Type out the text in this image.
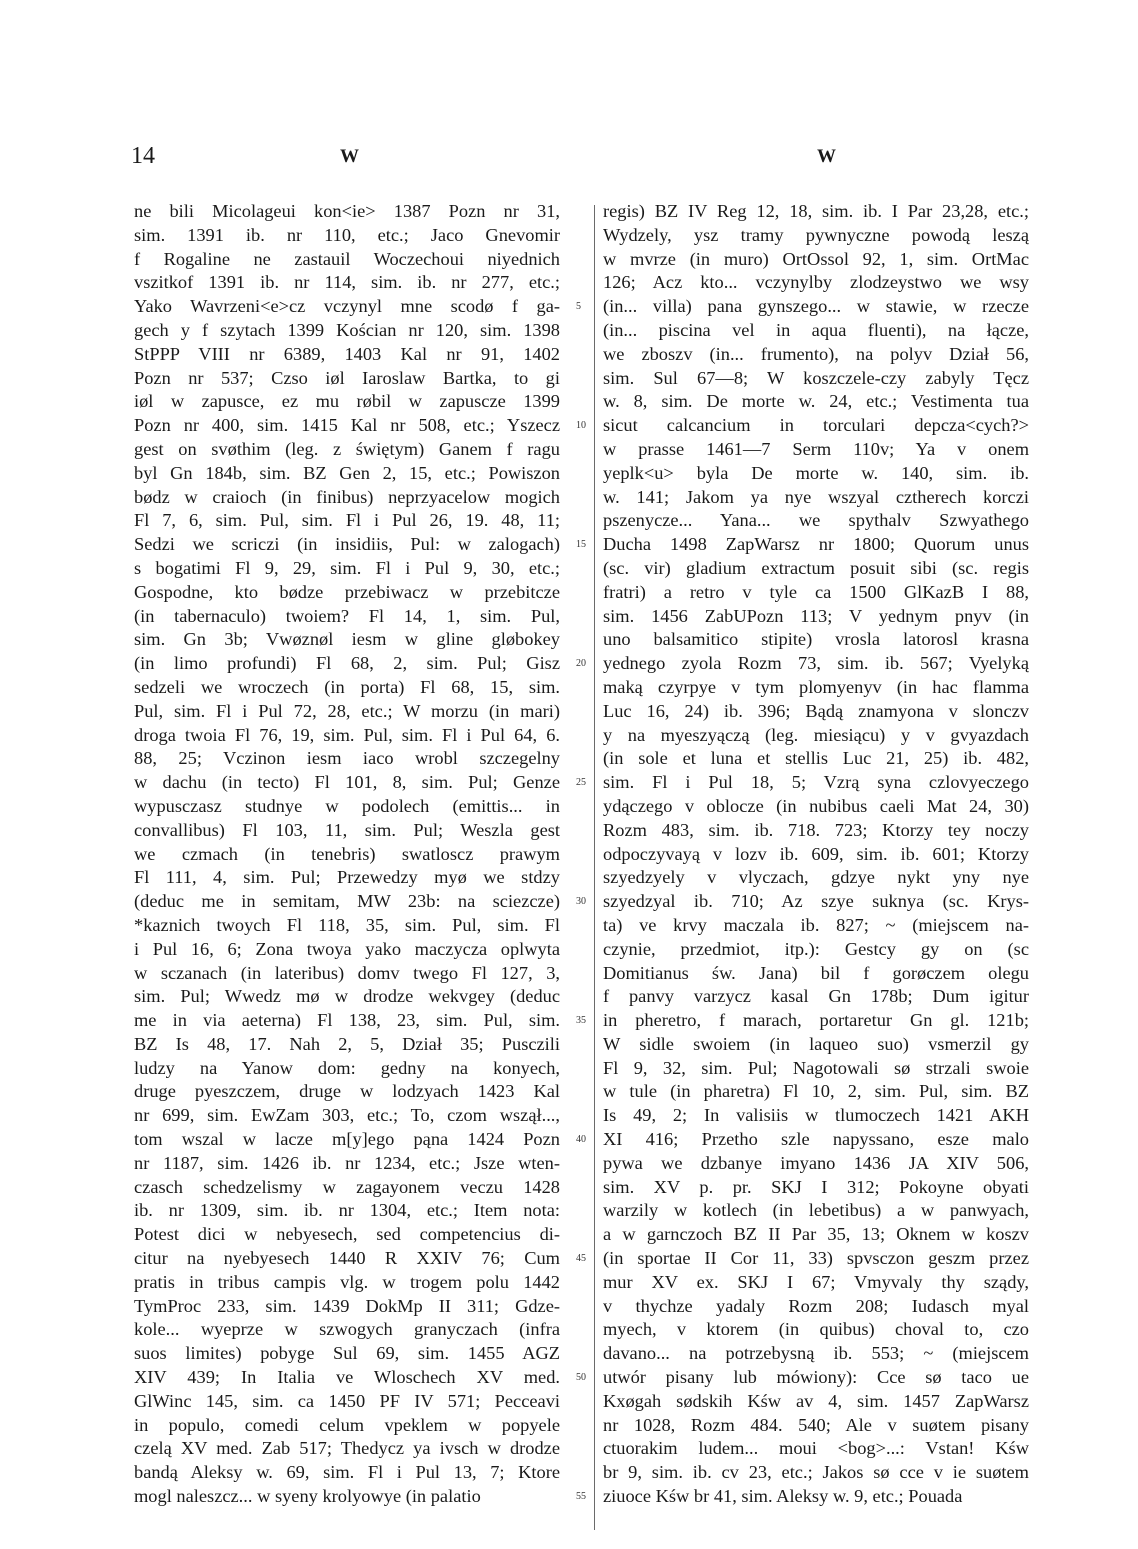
14	W	W
ne bili Micolageui kon<ie> 1387 Pozn nr 31,
sim. 1391 ib. nr 110, etc.; Jaco Gnevomir
f Rogaline ne zastauil Woczechoui niyednich
vszitkof 1391 ib. nr 114, sim. ib. nr 277, etc.;
Yako Wavrzeni<e>cz vczynyl mne scodø f ga-
gech y f szytach 1399 Kościan nr 120, sim. 1398
StPPP VIII nr 6389, 1403 Kal nr 91, 1402
Pozn nr 537; Czso iøl Iaroslaw Bartka, to gi
iøl w zapusce, ez mu røbil w zapuscze 1399
Pozn nr 400, sim. 1415 Kal nr 508, etc.; Yszecz
gest on svøthim (leg. z świętym) Ganem f ragu
byl Gn 184b, sim. BZ Gen 2, 15, etc.; Powiszon
bødz w craioch (in finibus) neprzyacelow mogich
Fl 7, 6, sim. Pul, sim. Fl i Pul 26, 19. 48, 11;
Sedzi we scriczi (in insidiis, Pul: w zalogach)
s bogatimi Fl 9, 29, sim. Fl i Pul 9, 30, etc.;
Gospodne, kto bødze przebiwacz w przebitcze
(in tabernaculo) twoiem? Fl 14, 1, sim. Pul,
sim. Gn 3b; Vwøznøl iesm w gline gløbokey
(in limo profundi) Fl 68, 2, sim. Pul; Gisz
sedzeli we wroczech (in porta) Fl 68, 15, sim.
Pul, sim. Fl i Pul 72, 28, etc.; W morzu (in mari)
droga twoia Fl 76, 19, sim. Pul, sim. Fl i Pul 64, 6.
88, 25; Vczinon iesm iaco wrobl szczegelny
w dachu (in tecto) Fl 101, 8, sim. Pul; Genze
wypusczasz studnye w podolech (emittis... in
convallibus) Fl 103, 11, sim. Pul; Weszla gest
we czmach (in tenebris) swatloscz prawym
Fl 111, 4, sim. Pul; Przewedzy myø we stdzy
(deduc me in semitam, MW 23b: na sciezcze)
*kaznich twoych Fl 118, 35, sim. Pul, sim. Fl
i Pul 16, 6; Zona twoya yako maczycza oplwyta
w sczanach (in lateribus) domv twego Fl 127, 3,
sim. Pul; Wwedz mø w drodze wekvgey (deduc
me in via aeterna) Fl 138, 23, sim. Pul, sim.
BZ Is 48, 17. Nah 2, 5, Dział 35; Pusczili
ludzy na Yanow dom: gedny na konyech,
druge pyeszczem, druge w lodzyach 1423 Kal
nr 699, sim. EwZam 303, etc.; To, czom wszął...,
tom wszal w lacze m[y]ego pąna 1424 Pozn
nr 1187, sim. 1426 ib. nr 1234, etc.; Jsze wten-
czasch schedzelismy w zagayonem veczu 1428
ib. nr 1309, sim. ib. nr 1304, etc.; Item nota:
Potest dici w nebyesech, sed competencius di-
citur na nyebyesech 1440 R XXIV 76; Cum
pratis in tribus campis vlg. w trogem polu 1442
TymProc 233, sim. 1439 DokMp II 311; Gdze-
kole... wyeprze w szwogych granyczach (infra
suos limites) pobyge Sul 69, sim. 1455 AGZ
XIV 439; In Italia ve Wloschech XV med.
GlWinc 145, sim. ca 1450 PF IV 571; Pecceavi
in populo, comedi celum vpeklem w popyele
czelą XV med. Zab 517; Thedycz ya ivsch w drodze
bandą Aleksy w. 69, sim. Fl i Pul 13, 7; Ktore
mogl naleszcz... w syeny krolyowye (in palatio
5
10
15
20
25
30
35
40
45
50
55
regis) BZ IV Reg 12, 18, sim. ib. I Par 23,28, etc.;
Wydzely, ysz tramy pywnyczne powodą leszą
w mvrze (in muro) OrtOssol 92, 1, sim. OrtMac
126; Acz kto... vczynylby zlodzeystwo we wsy
(in... villa) pana gynszego... w stawie, w rzecze
(in... piscina vel in aqua fluenti), na łącze,
we zboszv (in... frumento), na polyv Dział 56,
sim. Sul 67—8; W koszczele-czy zabyly Tęcz
w. 8, sim. De morte w. 24, etc.; Vestimenta tua
sicut calcancium in torculari depcza<cych?>
w prasse 1461—7 Serm 110v; Ya v onem
yeplk<u> byla De morte w. 140, sim. ib.
w. 141; Jakom ya nye wszyal cztherech korczi
pszenycze... Yana... we spythalv Szwyathego
Ducha 1498 ZapWarsz nr 1800; Quorum unus
(sc. vir) gladium extractum posuit sibi (sc. regis
fratri) a retro v tyle ca 1500 GlKazB I 88,
sim. 1456 ZabUPozn 113; V yednym pnyv (in
uno balsamitico stipite) vrosla latorosl krasna
yednego zyola Rozm 73, sim. ib. 567; Vyelyką
maką czyrpye v tym plomyenyv (in hac flamma
Luc 16, 24) ib. 396; Bądą znamyona v slonczv
y na myeszyączą (leg. miesiącu) y v gvyazdach
(in sole et luna et stellis Luc 21, 25) ib. 482,
sim. Fl i Pul 18, 5; Vzrą syna czlovyeczego
ydączego v oblocze (in nubibus caeli Mat 24, 30)
Rozm 483, sim. ib. 718. 723; Ktorzy tey noczy
odpoczyvayą v lozv ib. 609, sim. ib. 601; Ktorzy
szyedzyely v vlyczach, gdzye nykt yny nye
szyedzyal ib. 710; Az szye suknya (sc. Krys-
ta) ve krvy maczala ib. 827; ~ (miejscem na-
czynie, przedmiot, itp.): Gestcy gy on (sc
Domitianus św. Jana) bil f gorøczem olegu
f panvy varzycz kasal Gn 178b; Dum igitur
in pheretro, f marach, portaretur Gn gl. 121b;
W sidle swoiem (in laqueo suo) vsmerzil gy
Fl 9, 32, sim. Pul; Nagotowali sø strzali swoie
w tule (in pharetra) Fl 10, 2, sim. Pul, sim. BZ
Is 49, 2; In valisiis w tlumoczech 1421 AKH
XI 416; Przetho szle napyssano, esze malo
pywa we dzbanye imyano 1436 JA XIV 506,
sim. XV p. pr. SKJ I 312; Pokoyne obyati
warzily w kotlech (in lebetibus) a w panwyach,
a w garnczoch BZ II Par 35, 13; Oknem w koszv
(in sportae II Cor 11, 33) spvsczon geszm przez
mur XV ex. SKJ I 67; Vmyvaly thy sządy,
v thychze yadaly Rozm 208; Iudasch myal
myech, v ktorem (in quibus) choval to, czo
davano... na potrzebysną ib. 553; ~ (miejscem
utwór pisany lub mówiony): Cce sø taco ue
Kxøgah sødskih Kśw av 4, sim. 1457 ZapWarsz
nr 1028, Rozm 484. 540; Ale v suøtem pisany
ctuorakim ludem... moui <bog>...: Vstan! Kśw
br 9, sim. ib. cv 23, etc.; Jakos sø cce v ie suøtem
ziuoce Kśw br 41, sim. Aleksy w. 9, etc.; Pouada
